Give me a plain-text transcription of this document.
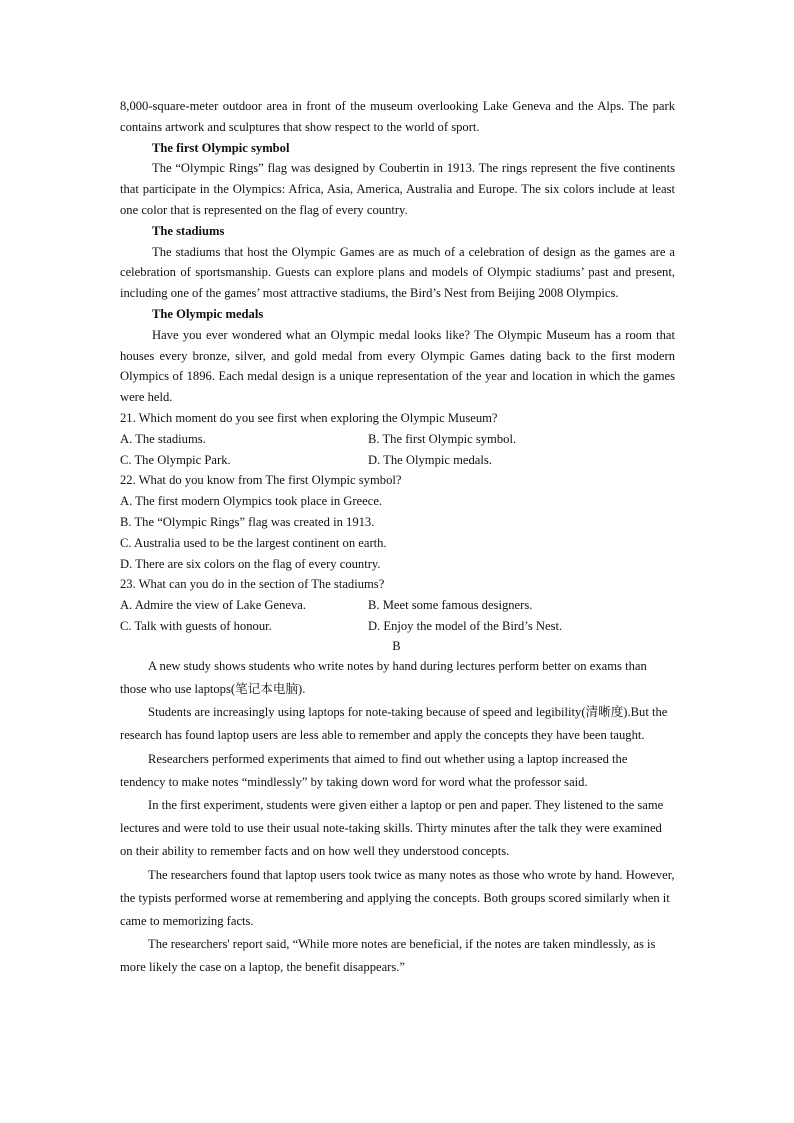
8,000-square-meter outdoor area in front of the museum overlooking Lake Geneva and the Alps. The park contains artwork and sculptures that show respect to the world of sport.

The first Olympic symbol

The “Olympic Rings” flag was designed by Coubertin in 1913. The rings represent the five continents that participate in the Olympics: Africa, Asia, America, Australia and Europe. The six colors include at least one color that is represented on the flag of every country.

The stadiums

The stadiums that host the Olympic Games are as much of a celebration of design as the games are a celebration of sportsmanship. Guests can explore plans and models of Olympic stadiums’ past and present, including one of the games’ most attractive stadiums, the Bird’s Nest from Beijing 2008 Olympics.

The Olympic medals

Have you ever wondered what an Olympic medal looks like? The Olympic Museum has a room that houses every bronze, silver, and gold medal from every Olympic Games dating back to the first modern Olympics of 1896. Each medal design is a unique representation of the year and location in which the games were held.

21. Which moment do you see first when exploring the Olympic Museum?
A. The stadiums.	B. The first Olympic symbol.
C. The Olympic Park.	D. The Olympic medals.
22. What do you know from The first Olympic symbol?
A. The first modern Olympics took place in Greece.
B. The “Olympic Rings” flag was created in 1913.
C. Australia used to be the largest continent on earth.
D. There are six colors on the flag of every country.
23. What can you do in the section of The stadiums?
A. Admire the view of Lake Geneva.	B. Meet some famous designers.
C. Talk with guests of honour.	D. Enjoy the model of the Bird’s Nest.
B

A new study shows students who write notes by hand during lectures perform better on exams than those who use laptops(笔记本电脑).

Students are increasingly using laptops for note-taking because of speed and legibility(清晰度).But the research has found laptop users are less able to remember and apply the concepts they have been taught.

Researchers performed experiments that aimed to find out whether using a laptop increased the tendency to make notes “mindlessly” by taking down word for word what the professor said.

In the first experiment, students were given either a laptop or pen and paper. They listened to the same lectures and were told to use their usual note-taking skills. Thirty minutes after the talk they were examined on their ability to remember facts and on how well they understood concepts.

The researchers found that laptop users took twice as many notes as those who wrote by hand. However, the typists performed worse at remembering and applying the concepts. Both groups scored similarly when it came to memorizing facts.

The researchers' report said, “While more notes are beneficial, if the notes are taken mindlessly, as is more likely the case on a laptop, the benefit disappears.”
